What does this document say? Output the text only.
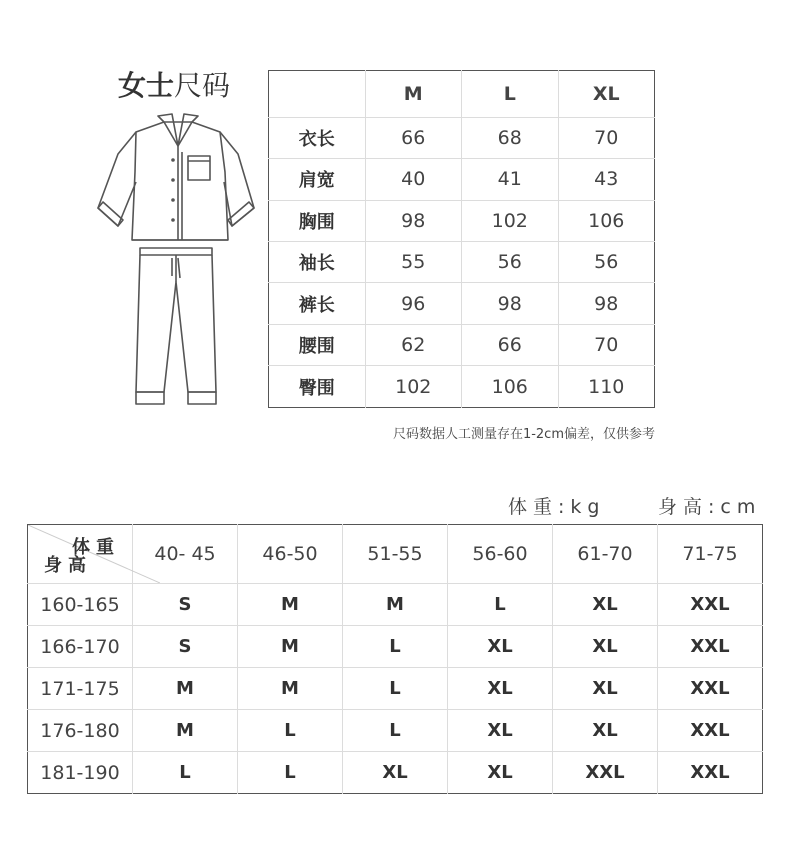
女士尺码
		M	L	XL
衣长	66	68	70
肩宽	40	41	43
胸围	98	102	106
袖长	55	56	56
裤长	96	98	98
腰围	62	66	70
臀围	102	106	110
尺码数据人工测量存在1-2cm偏差，仅供参考
体重:kg	身高:cm
体重
身高	40- 45	46-50	51-55	56-60	61-70	71-75
160-165	S	M	M	L	XL	XXL
166-170	S	M	L	XL	XL	XXL
171-175	M	M	L	XL	XL	XXL
176-180	M	L	L	XL	XL	XXL
181-190	L	L	XL	XL	XXL	XXL
